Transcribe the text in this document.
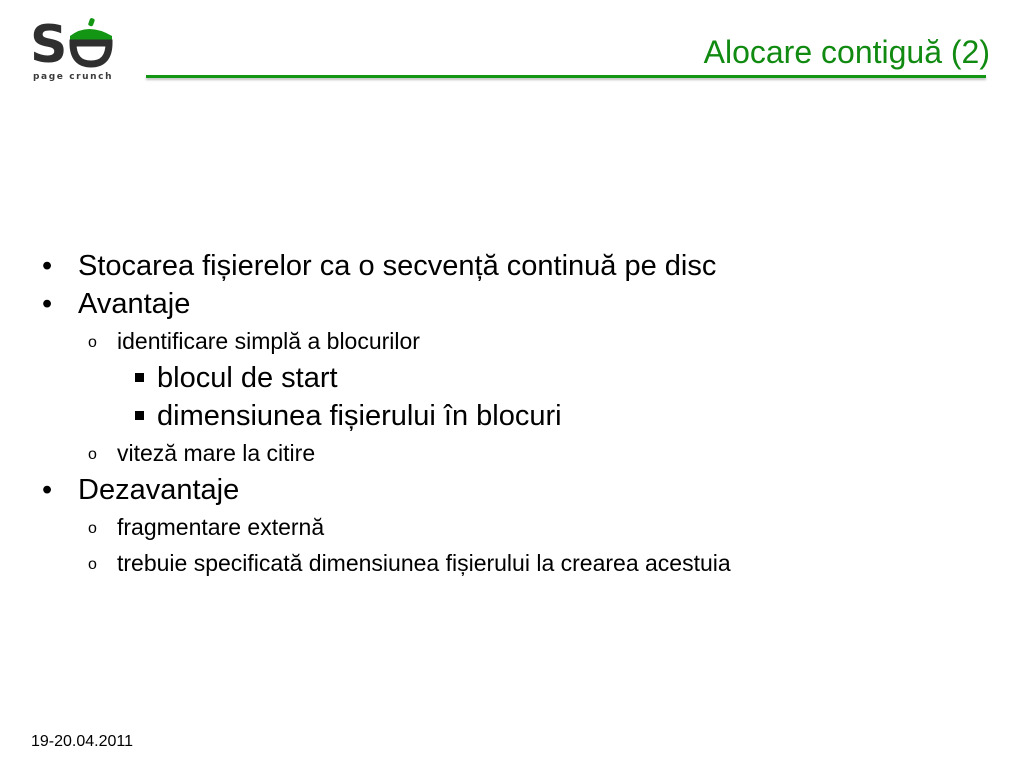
S
page crunch
Alocare contiguă (2)
• Stocarea fișierelor ca o secvență continuă pe disc
• Avantaje
o identificare simplă a blocurilor
blocul de start
dimensiunea fișierului în blocuri
o viteză mare la citire
• Dezavantaje
o fragmentare externă
o trebuie specificată dimensiunea fișierului la crearea acestuia
19-20.04.2011
